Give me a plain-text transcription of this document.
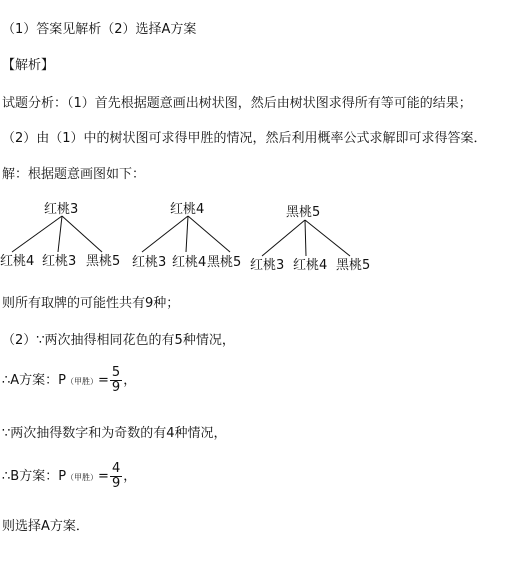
（1）答案见解析（2）选择A方案
【解析】
试题分析：（1）首先根据题意画出树状图，然后由树状图求得所有等可能的结果；
（2）由（1）中的树状图可求得甲胜的情况，然后利用概率公式求解即可求得答案．
解：根据题意画图如下：
红桃3
红桃4 红桃3 黑桃5
红桃4
红桃3 红桃4 黑桃5
黑桃5
红桃3 红桃4 黑桃5
则所有取牌的可能性共有9种；
（2）∵两次抽得相同花色的有5种情况，
∴A方案：P（甲胜）= $\frac{5}{9}$ ，
∵两次抽得数字和为奇数的有4种情况，
∴B方案：P（甲胜）= $\frac{4}{9}$ ，
则选择A方案．
